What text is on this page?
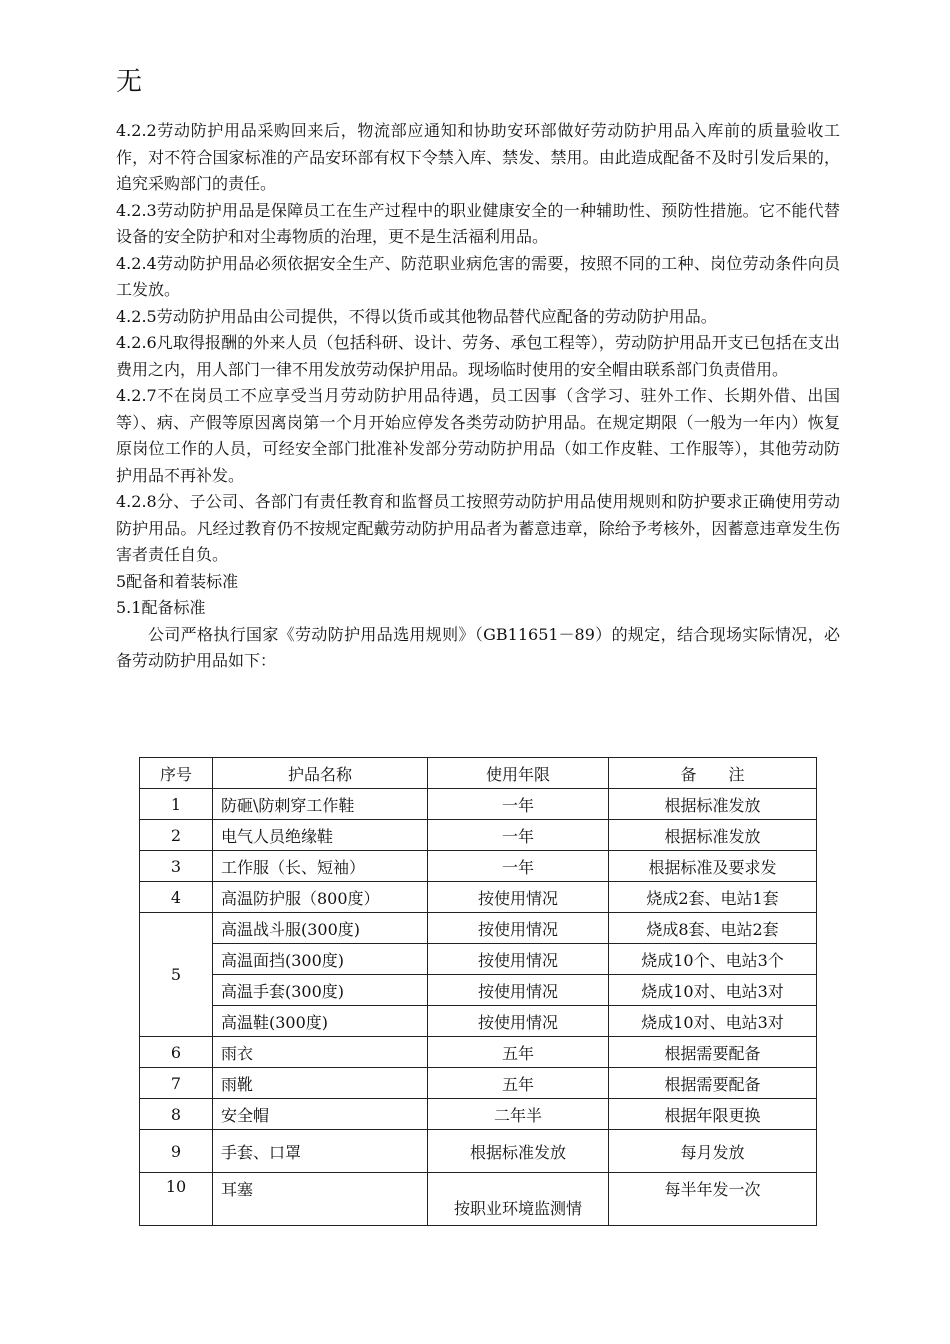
无

4.2.2劳动防护用品采购回来后，物流部应通知和协助安环部做好劳动防护用品入库前的质量验收工作，对不符合国家标准的产品安环部有权下令禁入库、禁发、禁用。由此造成配备不及时引发后果的，追究采购部门的责任。

4.2.3劳动防护用品是保障员工在生产过程中的职业健康安全的一种辅助性、预防性措施。它不能代替设备的安全防护和对尘毒物质的治理，更不是生活福利用品。

4.2.4劳动防护用品必须依据安全生产、防范职业病危害的需要，按照不同的工种、岗位劳动条件向员工发放。

4.2.5劳动防护用品由公司提供，不得以货币或其他物品替代应配备的劳动防护用品。

4.2.6凡取得报酬的外来人员（包括科研、设计、劳务、承包工程等），劳动防护用品开支已包括在支出费用之内，用人部门一律不用发放劳动保护用品。现场临时使用的安全帽由联系部门负责借用。

4.2.7不在岗员工不应享受当月劳动防护用品待遇，员工因事（含学习、驻外工作、长期外借、出国等）、病、产假等原因离岗第一个月开始应停发各类劳动防护用品。在规定期限（一般为一年内）恢复原岗位工作的人员，可经安全部门批准补发部分劳动防护用品（如工作皮鞋、工作服等），其他劳动防护用品不再补发。

4.2.8分、子公司、各部门有责任教育和监督员工按照劳动防护用品使用规则和防护要求正确使用劳动防护用品。凡经过教育仍不按规定配戴劳动防护用品者为蓄意违章，除给予考核外，因蓄意违章发生伤害者责任自负。

5配备和着装标准

5.1配备标准

公司严格执行国家《劳动防护用品选用规则》（GB11651－89）的规定，结合现场实际情况，必备劳动防护用品如下：

序号	护品名称	使用年限	备　　注
1	防砸\防刺穿工作鞋	一年	根据标准发放
2	电气人员绝缘鞋	一年	根据标准发放
3	工作服（长、短袖）	一年	根据标准及要求发
4	高温防护服（800度）	按使用情况	烧成2套、电站1套
5	高温战斗服(300度)	按使用情况	烧成8套、电站2套
	高温面挡(300度)	按使用情况	烧成10个、电站3个
	高温手套(300度)	按使用情况	烧成10对、电站3对
	高温鞋(300度)	按使用情况	烧成10对、电站3对
6	雨衣	五年	根据需要配备
7	雨靴	五年	根据需要配备
8	安全帽	二年半	根据年限更换
9	手套、口罩	根据标准发放	每月发放
10	耳塞	按职业环境监测情	每半年发一次
